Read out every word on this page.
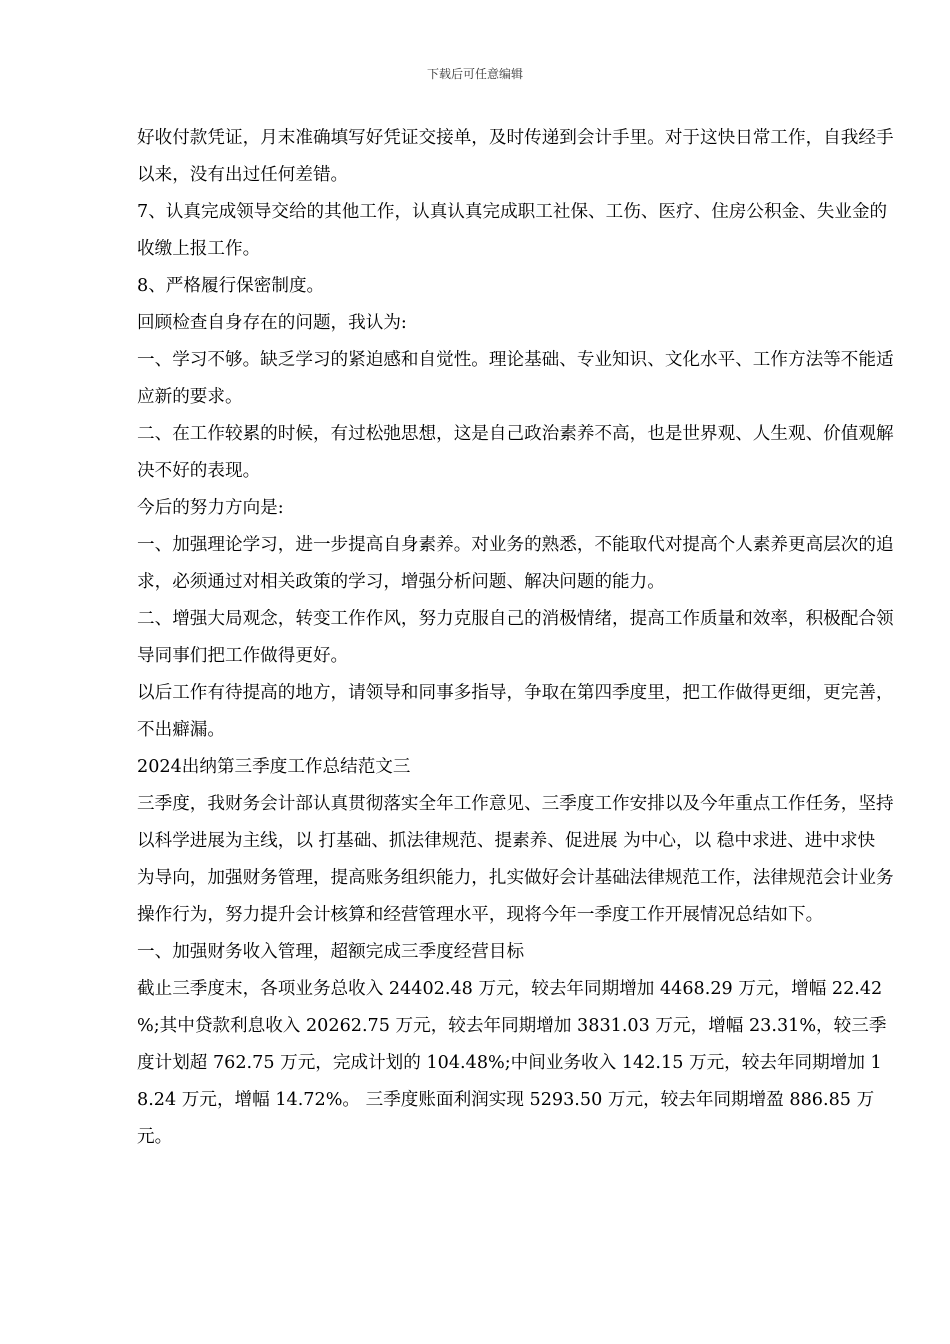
下载后可任意编辑

好收付款凭证，月末准确填写好凭证交接单，及时传递到会计手里。对于这快日常工作，自我经手以来，没有出过任何差错。

7、认真完成领导交给的其他工作，认真认真完成职工社保、工伤、医疗、住房公积金、失业金的收缴上报工作。

8、严格履行保密制度。

回顾检查自身存在的问题，我认为:

一、学习不够。缺乏学习的紧迫感和自觉性。理论基础、专业知识、文化水平、工作方法等不能适应新的要求。

二、在工作较累的时候，有过松弛思想，这是自己政治素养不高，也是世界观、人生观、价值观解决不好的表现。

今后的努力方向是:

一、加强理论学习，进一步提高自身素养。对业务的熟悉，不能取代对提高个人素养更高层次的追求，必须通过对相关政策的学习，增强分析问题、解决问题的能力。

二、增强大局观念，转变工作作风，努力克服自己的消极情绪，提高工作质量和效率，积极配合领导同事们把工作做得更好。

以后工作有待提高的地方，请领导和同事多指导，争取在第四季度里，把工作做得更细，更完善，不出癖漏。

2024出纳第三季度工作总结范文三

三季度，我财务会计部认真贯彻落实全年工作意见、三季度工作安排以及今年重点工作任务，坚持以科学进展为主线，以 打基础、抓法律规范、提素养、促进展 为中心，以 稳中求进、进中求快 为导向，加强财务管理，提高账务组织能力，扎实做好会计基础法律规范工作，法律规范会计业务操作行为，努力提升会计核算和经营管理水平，现将今年一季度工作开展情况总结如下。

一、加强财务收入管理，超额完成三季度经营目标

截止三季度末，各项业务总收入 24402.48 万元，较去年同期增加 4468.29 万元，增幅 22.42 %;其中贷款利息收入 20262.75 万元，较去年同期增加 3831.03 万元，增幅 23.31%，较三季度计划超 762.75 万元，完成计划的 104.48%;中间业务收入 142.15 万元，较去年同期增加 18.24 万元，增幅 14.72%。 三季度账面利润实现 5293.50 万元，较去年同期增盈 886.85 万元。
